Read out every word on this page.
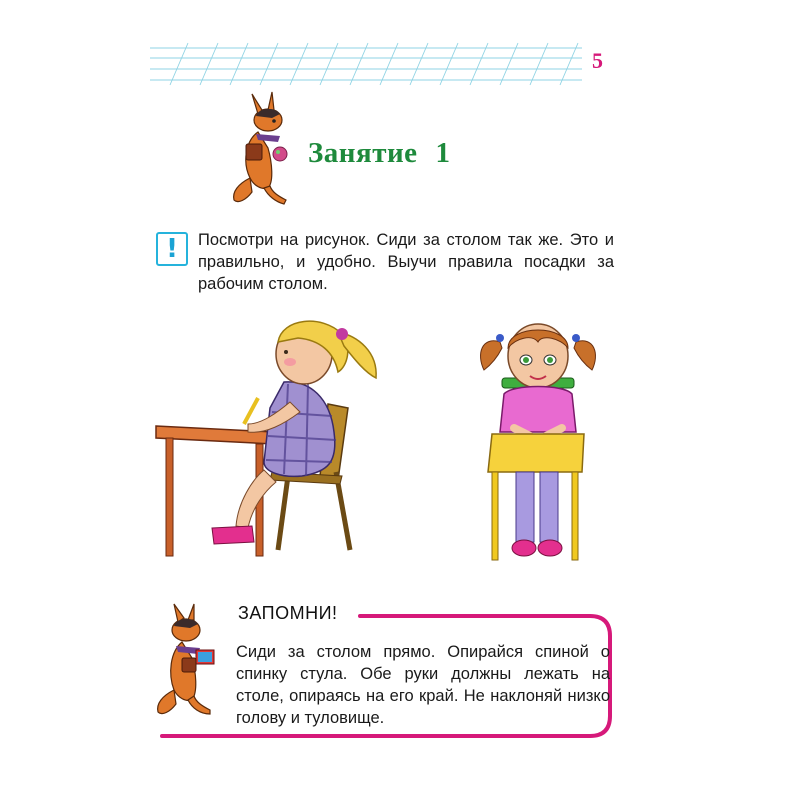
5
Занятие 1
!	Посмотри на рисунок. Сиди за столом так же. Это и правильно, и удобно. Выучи правила посадки за рабочим столом.
ЗАПОМНИ!
Сиди за столом прямо. Опирайся спиной о спинку стула. Обе руки должны лежать на столе, опираясь на его край. Не наклоняй низко голову и туловище.
